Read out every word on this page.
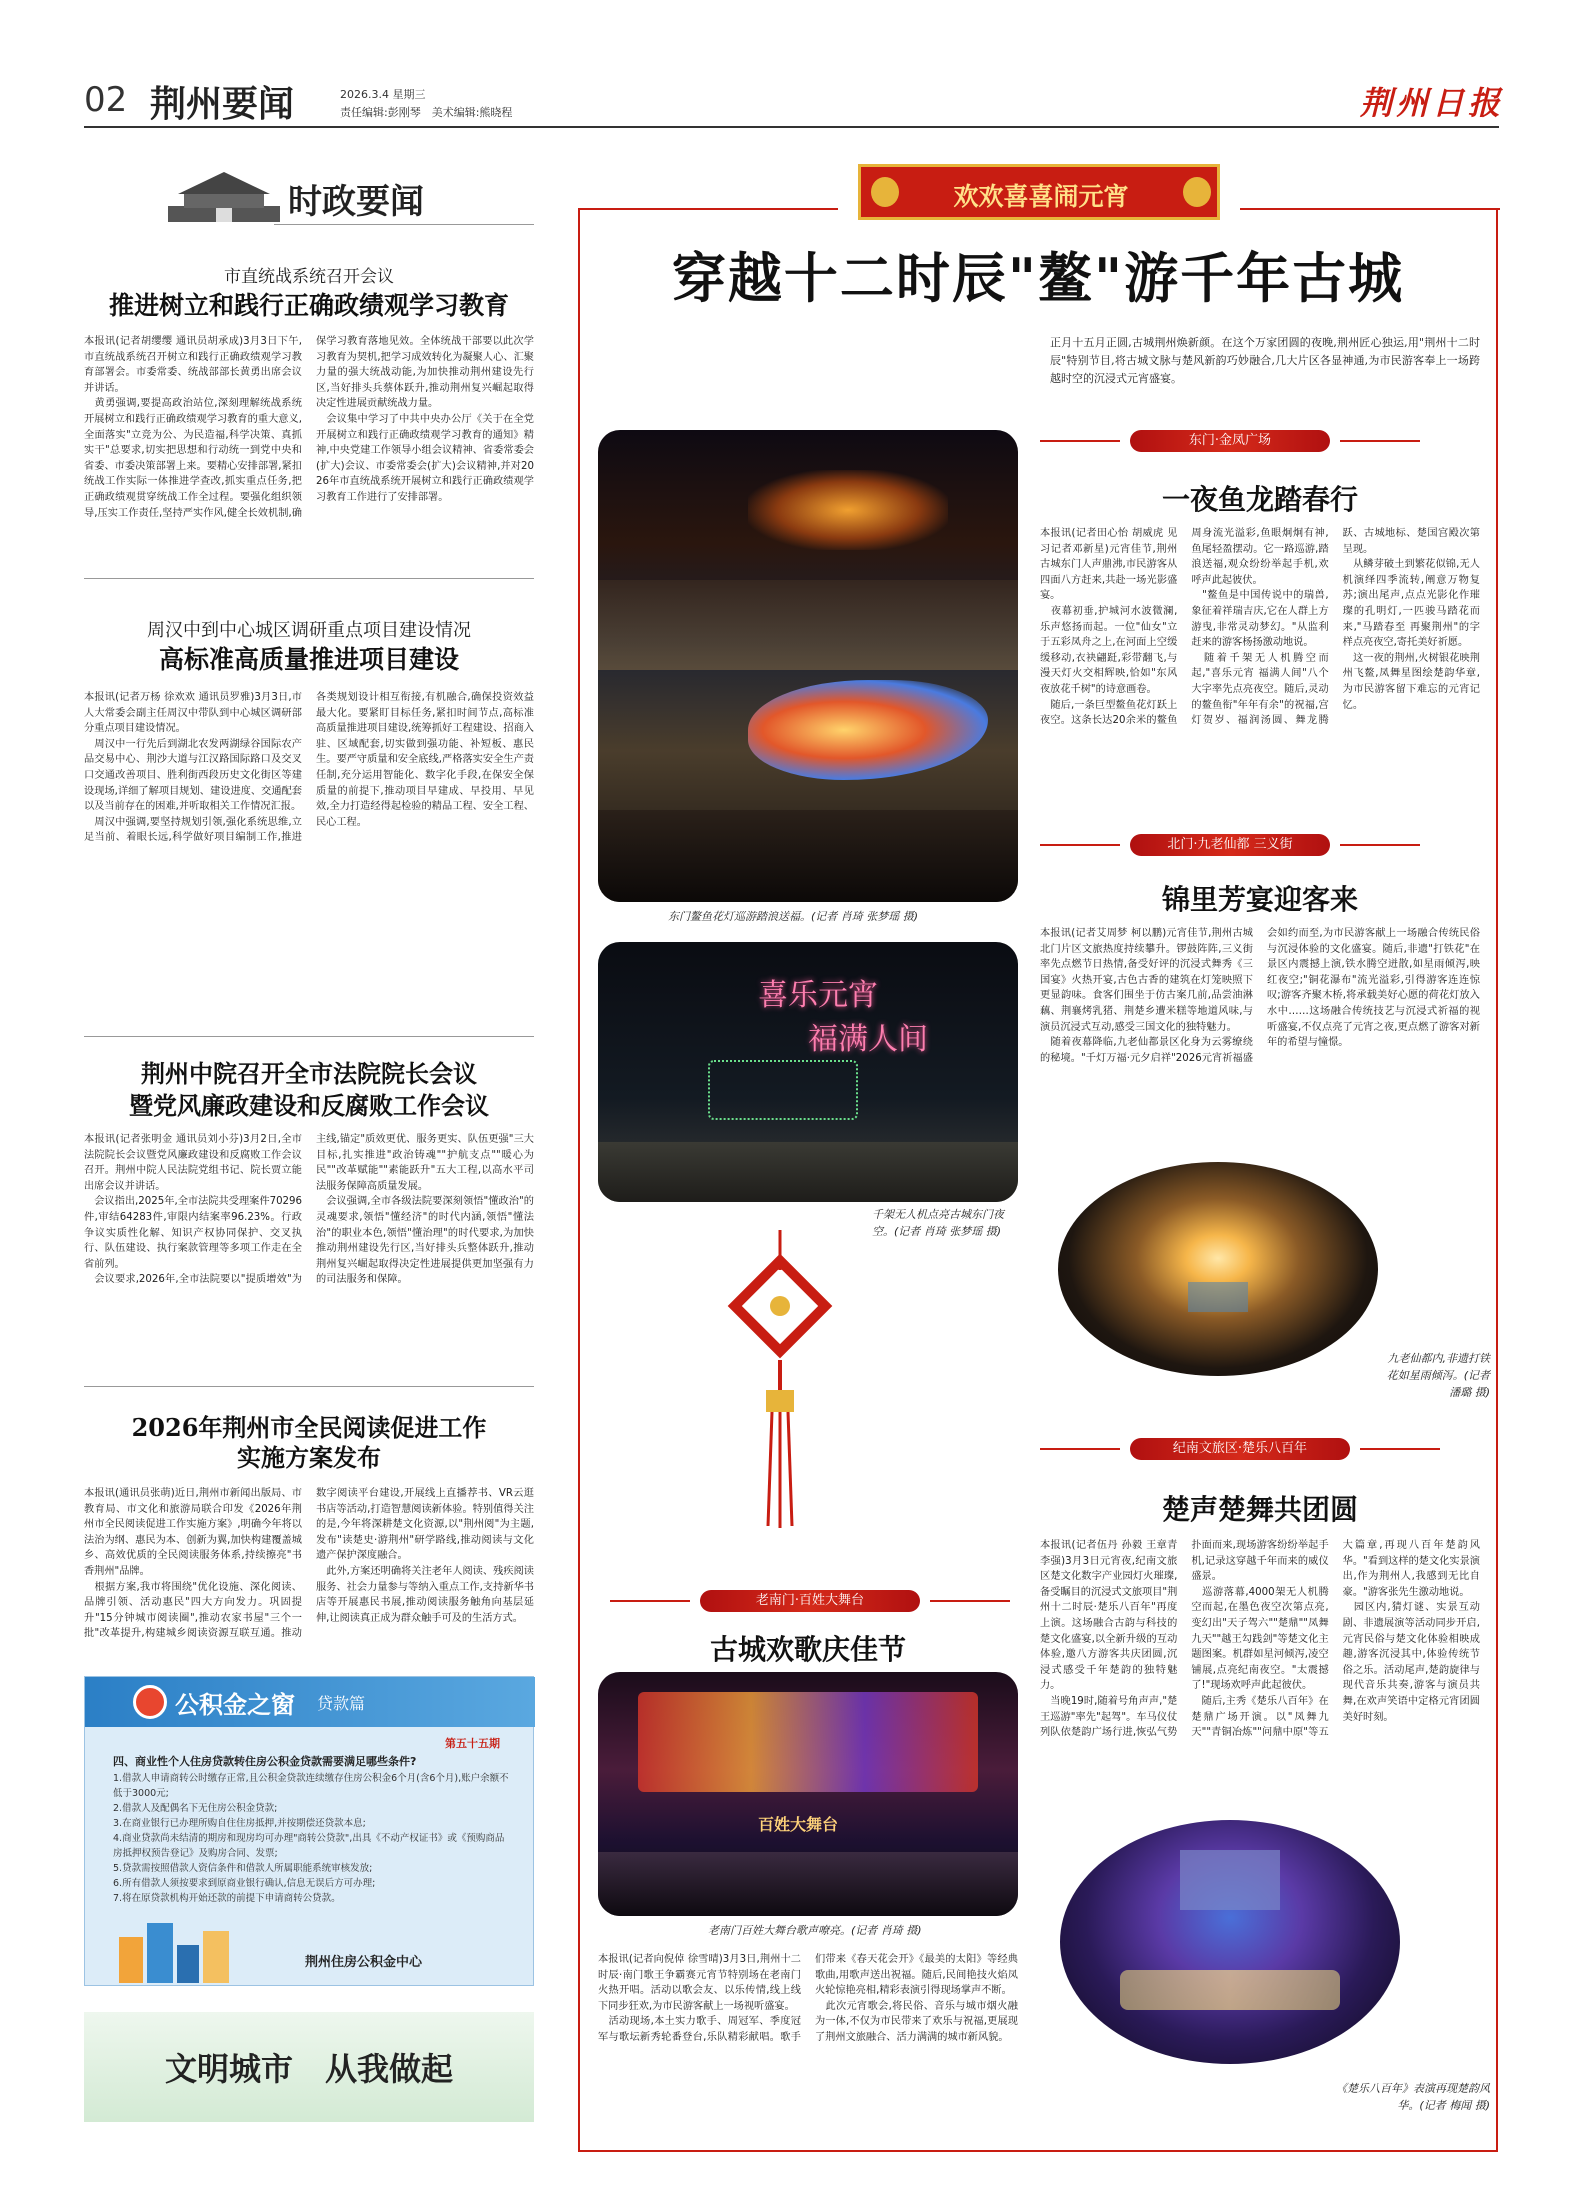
02 荆州要闻	2026.3.4 星期三
责任编辑:彭刚琴　美术编辑:熊晓程	荆州日报
时政要闻
市直统战系统召开会议
推进树立和践行正确政绩观学习教育
本报讯(记者胡缨缨 通讯员胡承成)3月3日下午,市直统战系统召开树立和践行正确政绩观学习教育部署会。市委常委、统战部部长黄勇出席会议并讲话。
　黄勇强调,要提高政治站位,深刻理解统战系统开展树立和践行正确政绩观学习教育的重大意义,全面落实"立竞为公、为民造福,科学决策、真抓实干"总要求,切实把思想和行动统一到党中央和省委、市委决策部署上来。要精心安排部署,紧扣统战工作实际一体推进学查改,抓实重点任务,把正确政绩观贯穿统战工作全过程。要强化组织领导,压实工作责任,坚持严实作风,健全长效机制,确保学习教育落地见效。全体统战干部要以此次学习教育为契机,把学习成效转化为凝聚人心、汇聚力量的强大统战动能,为加快推动荆州建设先行区,当好排头兵蔡体跃升,推动荆州复兴崛起取得决定性进展贡献统战力量。
　会议集中学习了中共中央办公厅《关于在全党开展树立和践行正确政绩观学习教育的通知》精神,中央党建工作领导小组会议精神、省委常委会(扩大)会议、市委常委会(扩大)会议精神,并对2026年市直统战系统开展树立和践行正确政绩观学习教育工作进行了安排部署。
周汉中到中心城区调研重点项目建设情况
高标准高质量推进项目建设
本报讯(记者万杨 徐欢欢 通讯员罗雅)3月3日,市人大常委会副主任周汉中带队到中心城区调研部分重点项目建设情况。
　周汉中一行先后到湖北农发两湖绿谷国际农产品交易中心、荆沙大道与江汉路国际路口及交叉口交通改善项目、胜利街西段历史文化街区等建设现场,详细了解项目规划、建设进度、交通配套以及当前存在的困难,并听取相关工作情况汇报。
　周汉中强调,要坚持规划引领,强化系统思维,立足当前、着眼长远,科学做好项目编制工作,推进各类规划设计相互衔接,有机融合,确保投资效益最大化。要紧盯目标任务,紧扣时间节点,高标准高质量推进项目建设,统筹抓好工程建设、招商入驻、区域配套,切实做到强功能、补短板、惠民生。要严守质量和安全底线,严格落实安全生产责任制,充分运用智能化、数字化手段,在保安全保质量的前提下,推动项目早建成、早投用、早见效,全力打造经得起检验的精品工程、安全工程、民心工程。
荆州中院召开全市法院院长会议
暨党风廉政建设和反腐败工作会议
本报讯(记者张明金 通讯员刘小芬)3月2日,全市法院院长会议暨党风廉政建设和反腐败工作会议召开。荆州中院人民法院党组书记、院长贾立能出席会议并讲话。
　会议指出,2025年,全市法院共受理案件70296件,审结64283件,审限内结案率96.23%。行政争议实质性化解、知识产权协同保护、交叉执行、队伍建设、执行案款管理等多项工作走在全省前列。
　会议要求,2026年,全市法院要以"提质增效"为主线,锚定"质效更优、服务更实、队伍更强"三大目标,扎实推进"政治铸魂""护航支点""暖心为民""改革赋能""素能跃升"五大工程,以高水平司法服务保障高质量发展。
　会议强调,全市各级法院要深刻领悟"懂政治"的灵魂要求,领悟"懂经济"的时代内涵,领悟"懂法治"的职业本色,领悟"懂治理"的时代要求,为加快推动荆州建设先行区,当好排头兵整体跃升,推动荆州复兴崛起取得决定性进展提供更加坚强有力的司法服务和保障。
2026年荆州市全民阅读促进工作
实施方案发布
本报讯(通讯员张萌)近日,荆州市新闻出版局、市教育局、市文化和旅游局联合印发《2026年荆州市全民阅读促进工作实施方案》,明确今年将以法治为纲、惠民为本、创新为翼,加快构建覆盖城乡、高效优质的全民阅读服务体系,持续擦亮"书香荆州"品牌。
　根据方案,我市将围绕"优化设施、深化阅读、品牌引领、活动惠民"四大方向发力。巩固提升"15分钟城市阅读圈",推动农家书屋"三个一批"改革提升,构建城乡阅读资源互联互通。推动数字阅读平台建设,开展线上直播荐书、VR云逛书店等活动,打造智慧阅读新体验。特别值得关注的是,今年将深耕楚文化资源,以"荆州阅"为主题,发布"读楚史·游荆州"研学路线,推动阅读与文化遗产保护深度融合。
　此外,方案还明确将关注老年人阅读、残疾阅读服务、社会力量参与等纳入重点工作,支持新华书店等开展惠民书展,推动阅读服务触角向基层延伸,让阅读真正成为群众触手可及的生活方式。
公积金之窗 贷款篇
第五十五期
四、商业性个人住房贷款转住房公积金贷款需要满足哪些条件?
1.借款人申请商转公时缴存正常,且公积金贷款连续缴存住房公积金6个月(含6个月),账户余额不低于3000元;
2.借款人及配偶名下无住房公积金贷款;
3.在商业银行已办理所购自住住房抵押,并按期偿还贷款本息;
4.商业贷款尚未结清的期房和现房均可办理"商转公贷款",出具《不动产权证书》或《预购商品房抵押权预告登记》及购房合同、发票;
5.贷款需按照借款人资信条件和借款人所属职能系统审核发放;
6.所有借款人须按要求到原商业银行确认,信息无误后方可办理;
7.将在原贷款机构开始还款的前提下申请商转公贷款。
荆州住房公积金中心
文明城市　从我做起
欢欢喜喜闹元宵
穿越十二时辰"鳌"游千年古城
正月十五月正圆,古城荆州焕新颜。在这个万家团圆的夜晚,荆州匠心独运,用"荆州十二时辰"特别节目,将古城文脉与楚风新韵巧妙融合,几大片区各显神通,为市民游客奉上一场跨越时空的沉浸式元宵盛宴。
东门鳌鱼花灯巡游踏浪送福。(记者 肖琦 张梦瑶 摄)
喜乐元宵
福满人间
千架无人机点亮古城东门夜空。(记者 肖琦 张梦瑶 摄)
东门·金凤广场
一夜鱼龙踏春行
本报讯(记者田心怡 胡威虎 见习记者邓新星)元宵佳节,荆州古城东门人声鼎沸,市民游客从四面八方赶来,共赴一场光影盛宴。
　夜幕初垂,护城河水波微澜,乐声悠扬而起。一位"仙女"立于五彩凤舟之上,在河面上空缓缓移动,衣袂翩跹,彩带翻飞,与漫天灯火交相辉映,恰如"东风夜放花千树"的诗意画卷。
　随后,一条巨型鳌鱼花灯跃上夜空。这条长达20余米的鳌鱼周身流光溢彩,鱼眼炯炯有神,鱼尾轻盈摆动。它一路巡游,踏浪送福,观众纷纷举起手机,欢呼声此起彼伏。
　"鳌鱼是中国传说中的瑞兽,象征着祥瑞吉庆,它在人群上方游曳,非常灵动梦幻。"从监利赶来的游客杨扬激动地说。
　随着千架无人机腾空而起,"喜乐元宵 福满人间"八个大字率先点亮夜空。随后,灵动的鳌鱼衔"年年有余"的祝福,宫灯贺岁、福润汤圆、舞龙腾跃、古城地标、楚国宫殿次第呈现。
　从鳞芽破土到繁花似锦,无人机演绎四季流转,阐意万物复苏;演出尾声,点点光影化作璀璨的孔明灯,一匹骏马踏花而来,"马踏春至 再聚荆州"的字样点亮夜空,寄托美好祈愿。
　这一夜的荆州,火树银花映荆州飞鳌,凤舞星图绘楚韵华章,为市民游客留下难忘的元宵记忆。
北门·九老仙都 三义街
锦里芳宴迎客来
本报讯(记者艾周梦 柯以鹏)元宵佳节,荆州古城北门片区文旅热度持续攀升。锣鼓阵阵,三义街率先点燃节日热情,备受好评的沉浸式舞秀《三国宴》火热开宴,古色古香的建筑在灯笼映照下更显韵味。食客们围坐于仿古案几前,品尝油淋藕、荆襄烤乳猪、荆楚乡遭米糕等地道风味,与演员沉浸式互动,感受三国文化的独特魅力。
　随着夜幕降临,九老仙都景区化身为云雾缭绕的秘境。"千灯万福·元夕启祥"2026元宵祈福盛会如约而至,为市民游客献上一场融合传统民俗与沉浸体验的文化盛宴。随后,非遗"打铁花"在景区内震撼上演,铁水腾空迸散,如星雨倾泻,映红夜空;"铜花瀑布"流光溢彩,引得游客连连惊叹;游客齐聚木桥,将承载美好心愿的荷花灯放入水中……这场融合传统技艺与沉浸式祈福的视听盛宴,不仅点亮了元宵之夜,更点燃了游客对新年的希望与憧憬。
九老仙都内,非遗打铁花如星雨倾泻。(记者 潘璐 摄)
纪南文旅区·楚乐八百年
楚声楚舞共团圆
本报讯(记者伍丹 孙毅 王章青李强)3月3日元宵夜,纪南文旅区楚文化数字产业园灯火璀璨,备受瞩目的沉浸式文旅项目"荆州十二时辰·楚乐八百年"再度上演。这场融合古韵与科技的楚文化盛宴,以全新升级的互动体验,邀八方游客共庆团圆,沉浸式感受千年楚韵的独特魅力。
　当晚19时,随着号角声声,"楚王巡游"率先"起驾"。车马仪仗列队依楚韵广场行进,恢弘气势扑面而来,现场游客纷纷举起手机,记录这穿越千年而来的威仪盛景。
　巡游落幕,4000架无人机腾空而起,在墨色夜空次第点亮,变幻出"天子驾六""楚鼎""凤舞九天""越王勾践剑"等楚文化主题图案。机群如星河倾泻,凌空铺展,点亮纪南夜空。"太震撼了!"现场欢呼声此起彼伏。
　随后,主秀《楚乐八百年》在楚鼎广场开演。以"凤舞九天""青铜冶炼""问鼎中原"等五大篇章,再现八百年楚韵风华。"看到这样的楚文化实景演出,作为荆州人,我感到无比自豪。"游客张先生激动地说。
　园区内,猜灯谜、实景互动剧、非遗展演等活动同步开启,元宵民俗与楚文化体验相映成趣,游客沉浸其中,体验传统节俗之乐。活动尾声,楚韵旋律与现代音乐共奏,游客与演员共舞,在欢声笑语中定格元宵团圆美好时刻。
《楚乐八百年》表演再现楚韵风华。(记者 梅闻 摄)
老南门·百姓大舞台
古城欢歌庆佳节
百姓大舞台
老南门百姓大舞台歌声嘹亮。(记者 肖琦 摄)
本报讯(记者向倪倬 徐雪晴)3月3日,荆州十二时辰·南门歌王争霸赛元宵节特别场在老南门火热开唱。活动以歌会友、以乐传情,线上线下同步狂欢,为市民游客献上一场视听盛宴。
　活动现场,本土实力歌手、周冠军、季度冠军与歌坛新秀轮番登台,乐队精彩献唱。歌手们带来《春天花会开》《最美的太阳》等经典歌曲,用歌声送出祝福。随后,民间艳技火焰凤火轮惊艳亮相,精彩表演引得现场掌声不断。
　此次元宵歌会,将民俗、音乐与城市烟火融为一体,不仅为市民带来了欢乐与祝福,更展现了荆州文旅融合、活力满满的城市新风貌。
